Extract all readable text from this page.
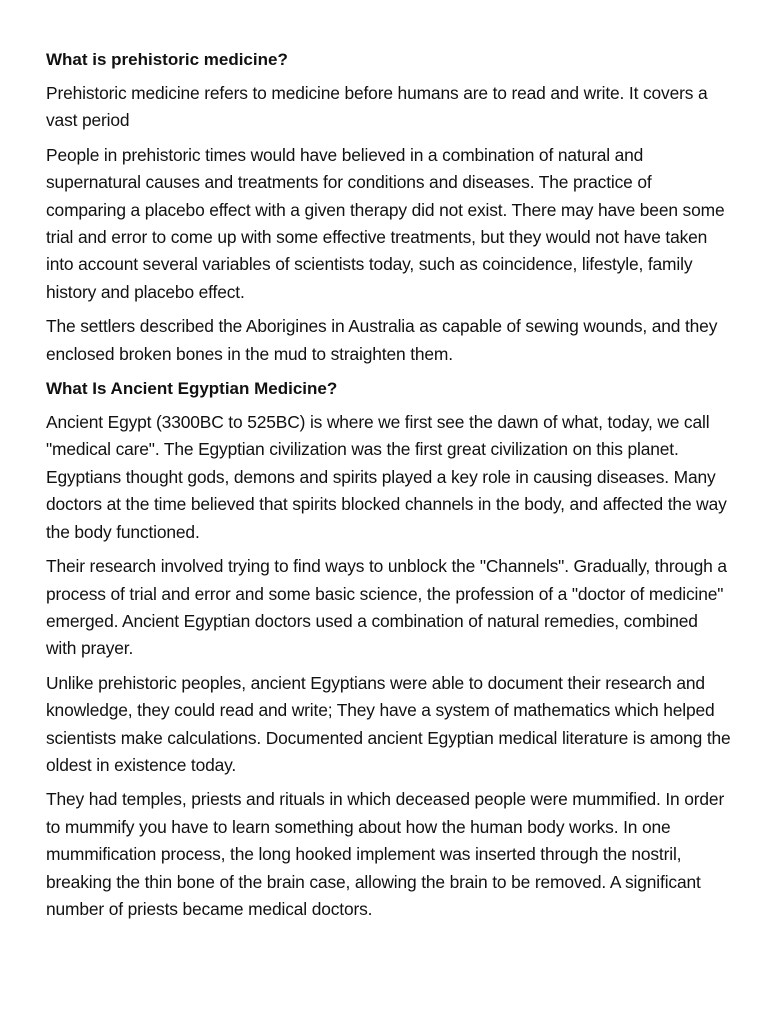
What is prehistoric medicine?

Prehistoric medicine refers to medicine before humans are to read and write. It covers a vast period

People in prehistoric times would have believed in a combination of natural and supernatural causes and treatments for conditions and diseases. The practice of comparing a placebo effect with a given therapy did not exist. There may have been some trial and error to come up with some effective treatments, but they would not have taken into account several variables of scientists today, such as coincidence, lifestyle, family history and placebo effect.

The settlers described the Aborigines in Australia as capable of sewing wounds, and they enclosed broken bones in the mud to straighten them.

What Is Ancient Egyptian Medicine?

Ancient Egypt (3300BC to 525BC) is where we first see the dawn of what, today, we call "medical care". The Egyptian civilization was the first great civilization on this planet. Egyptians thought gods, demons and spirits played a key role in causing diseases. Many doctors at the time believed that spirits blocked channels in the body, and affected the way the body functioned.

Their research involved trying to find ways to unblock the "Channels". Gradually, through a process of trial and error and some basic science, the profession of a "doctor of medicine" emerged. Ancient Egyptian doctors used a combination of natural remedies, combined with prayer.

Unlike prehistoric peoples, ancient Egyptians were able to document their research and knowledge, they could read and write; They have a system of mathematics which helped scientists make calculations. Documented ancient Egyptian medical literature is among the oldest in existence today.

They had temples, priests and rituals in which deceased people were mummified. In order to mummify you have to learn something about how the human body works. In one mummification process, the long hooked implement was inserted through the nostril, breaking the thin bone of the brain case, allowing the brain to be removed. A significant number of priests became medical doctors.
